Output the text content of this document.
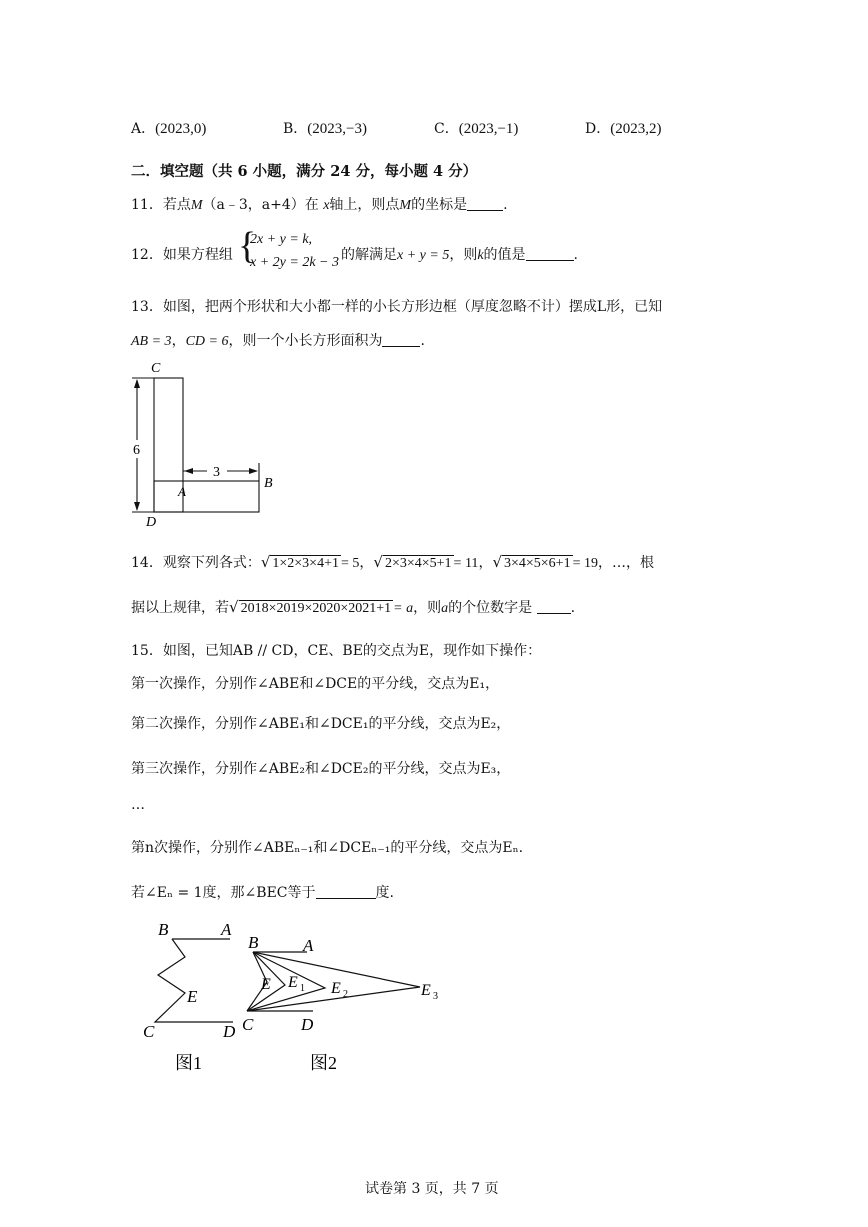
A．(2023,0)	B．(2023,−3)	C．(2023,−1)	D．(2023,2)
二．填空题（共 6 小题，满分 24 分，每小题 4 分）
11．若点M（a﹣3，a+4）在 x轴上，则点M的坐标是	.
12．如果方程组 {
2x + y = k,
x + 2y = 2k − 3 的解满足x + y = 5，则k的值是	.
13．如图，把两个形状和大小都一样的小长方形边框（厚度忽略不计）摆成L形，已知
AB = 3，CD = 6，则一个小长方形面积为	.
C
D
A
B
6
3
14．观察下列各式：√ 1×2×3×4+1 = 5，√ 2×3×4×5+1 = 11，√ 3×4×5×6+1 = 19，…，根
据以上规律，若√ 2018×2019×2020×2021+1 = a，则a的个位数字是	.
15．如图，已知AB // CD，CE、BE的交点为E，现作如下操作：
第一次操作，分别作∠ABE和∠DCE的平分线，交点为E₁，
第二次操作，分别作∠ABE₁和∠DCE₁的平分线，交点为E₂，
第三次操作，分别作∠ABE₂和∠DCE₂的平分线，交点为E₃，
…
第n次操作，分别作∠ABEₙ₋₁和∠DCEₙ₋₁的平分线，交点为Eₙ.
若∠Eₙ = 1度，那∠BEC等于	度.
B	A
E
C	D
图1
B	A
E E 1 E 2	E 3
C	D
图2
试卷第 3 页，共 7 页
